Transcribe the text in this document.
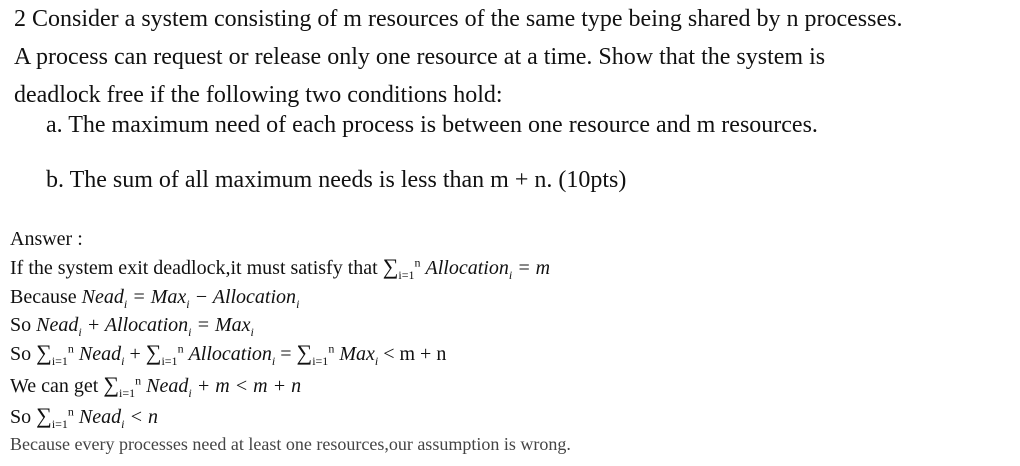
2 Consider a system consisting of m resources of the same type being shared by n processes.
A process can request or release only one resource at a time. Show that the system is
deadlock free if the following two conditions hold:
a. The maximum need of each process is between one resource and m resources.
b. The sum of all maximum needs is less than m + n. (10pts)
Answer :
If the system exit deadlock,it must satisfy that $\sum_{i=1}^n$ Allocation$_i$ = m
Because Nead$_i$ = Max$_i$ − Allocation$_i$
So Nead$_i$ + Allocation$_i$ = Max$_i$
So $\sum_{i=1}^n$ Nead$_i$ + $\sum_{i=1}^n$ Allocation$_i$ = $\sum_{i=1}^n$ Max$_i$ < m + n
We can get $\sum_{i=1}^n$ Nead$_i$ + m < m + n
So $\sum_{i=1}^n$ Nead$_i$ < n
Because every processes need at least one resources,our assumption is wrong.
